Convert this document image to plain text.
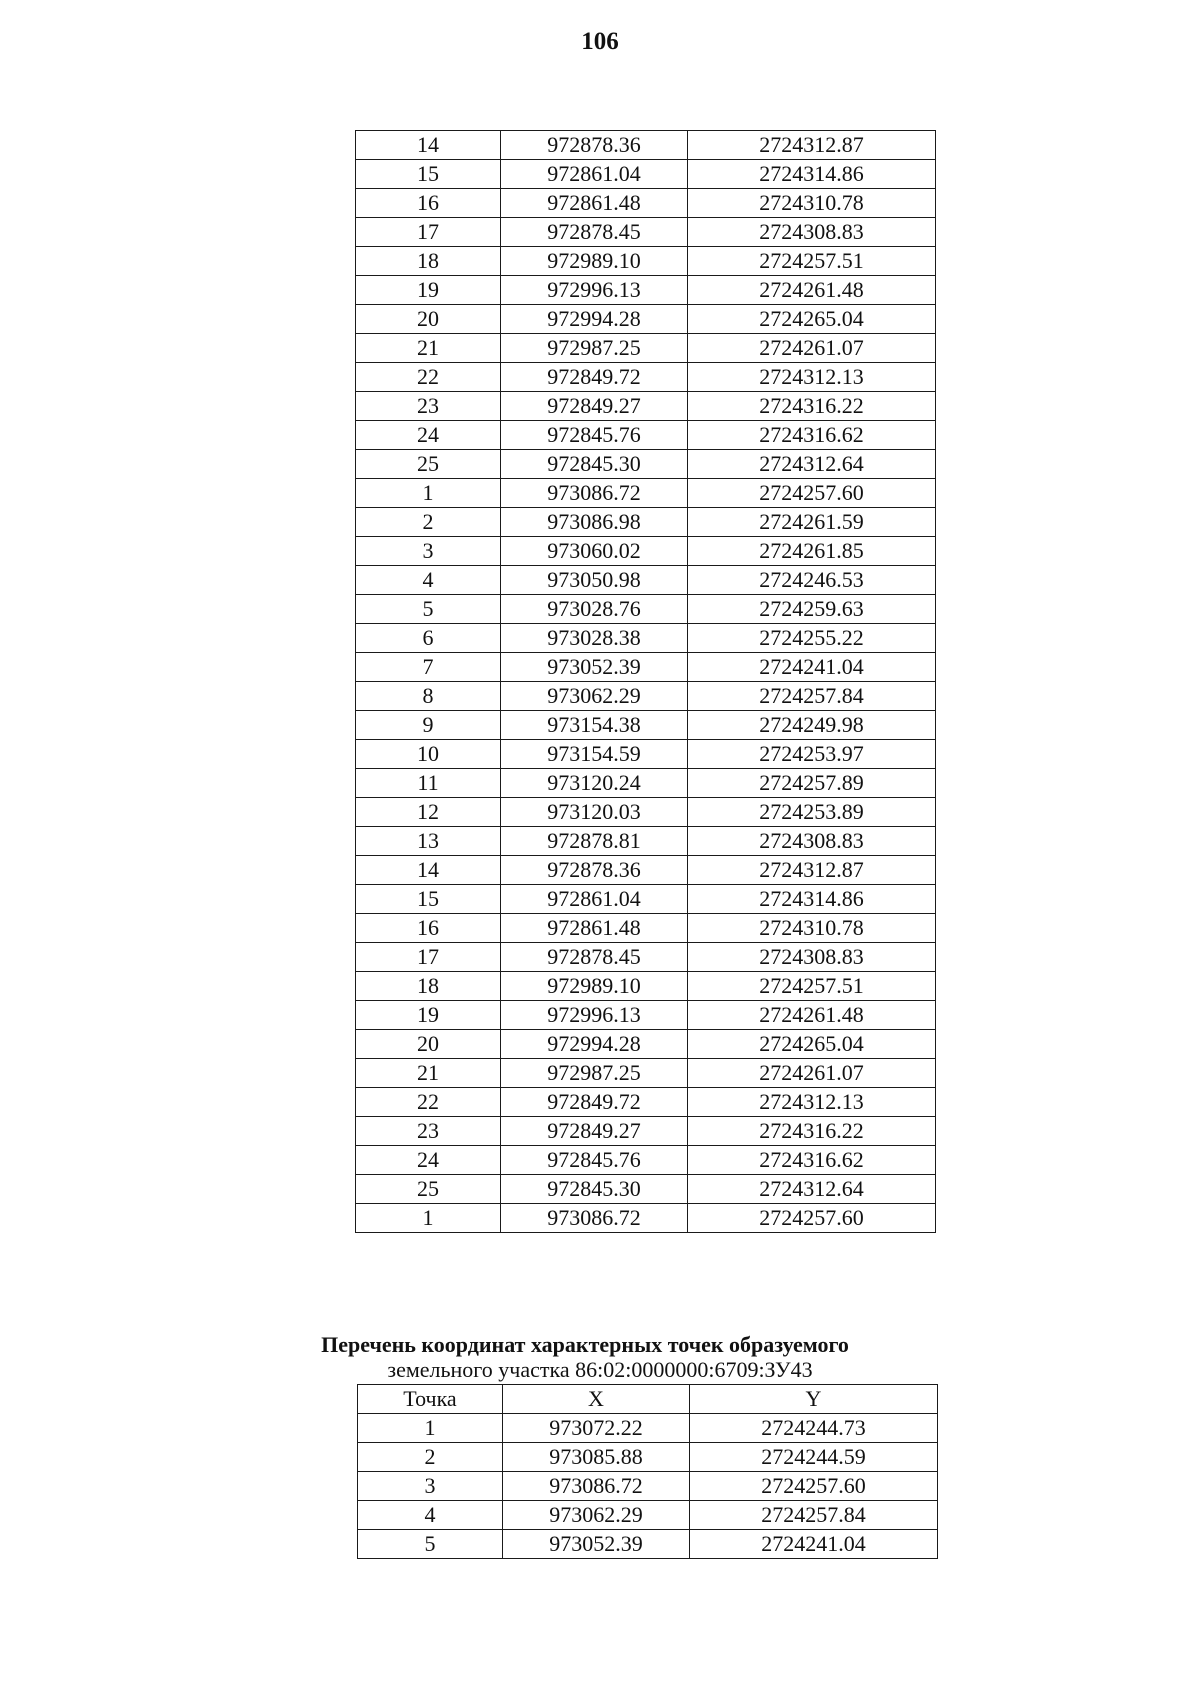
106
14	972878.36	2724312.87
15	972861.04	2724314.86
16	972861.48	2724310.78
17	972878.45	2724308.83
18	972989.10	2724257.51
19	972996.13	2724261.48
20	972994.28	2724265.04
21	972987.25	2724261.07
22	972849.72	2724312.13
23	972849.27	2724316.22
24	972845.76	2724316.62
25	972845.30	2724312.64
1	973086.72	2724257.60
2	973086.98	2724261.59
3	973060.02	2724261.85
4	973050.98	2724246.53
5	973028.76	2724259.63
6	973028.38	2724255.22
7	973052.39	2724241.04
8	973062.29	2724257.84
9	973154.38	2724249.98
10	973154.59	2724253.97
11	973120.24	2724257.89
12	973120.03	2724253.89
13	972878.81	2724308.83
14	972878.36	2724312.87
15	972861.04	2724314.86
16	972861.48	2724310.78
17	972878.45	2724308.83
18	972989.10	2724257.51
19	972996.13	2724261.48
20	972994.28	2724265.04
21	972987.25	2724261.07
22	972849.72	2724312.13
23	972849.27	2724316.22
24	972845.76	2724316.62
25	972845.30	2724312.64
1	973086.72	2724257.60
Перечень координат характерных точек образуемого
земельного участка 86:02:0000000:6709:ЗУ43
Точка	X	Y
1	973072.22	2724244.73
2	973085.88	2724244.59
3	973086.72	2724257.60
4	973062.29	2724257.84
5	973052.39	2724241.04
